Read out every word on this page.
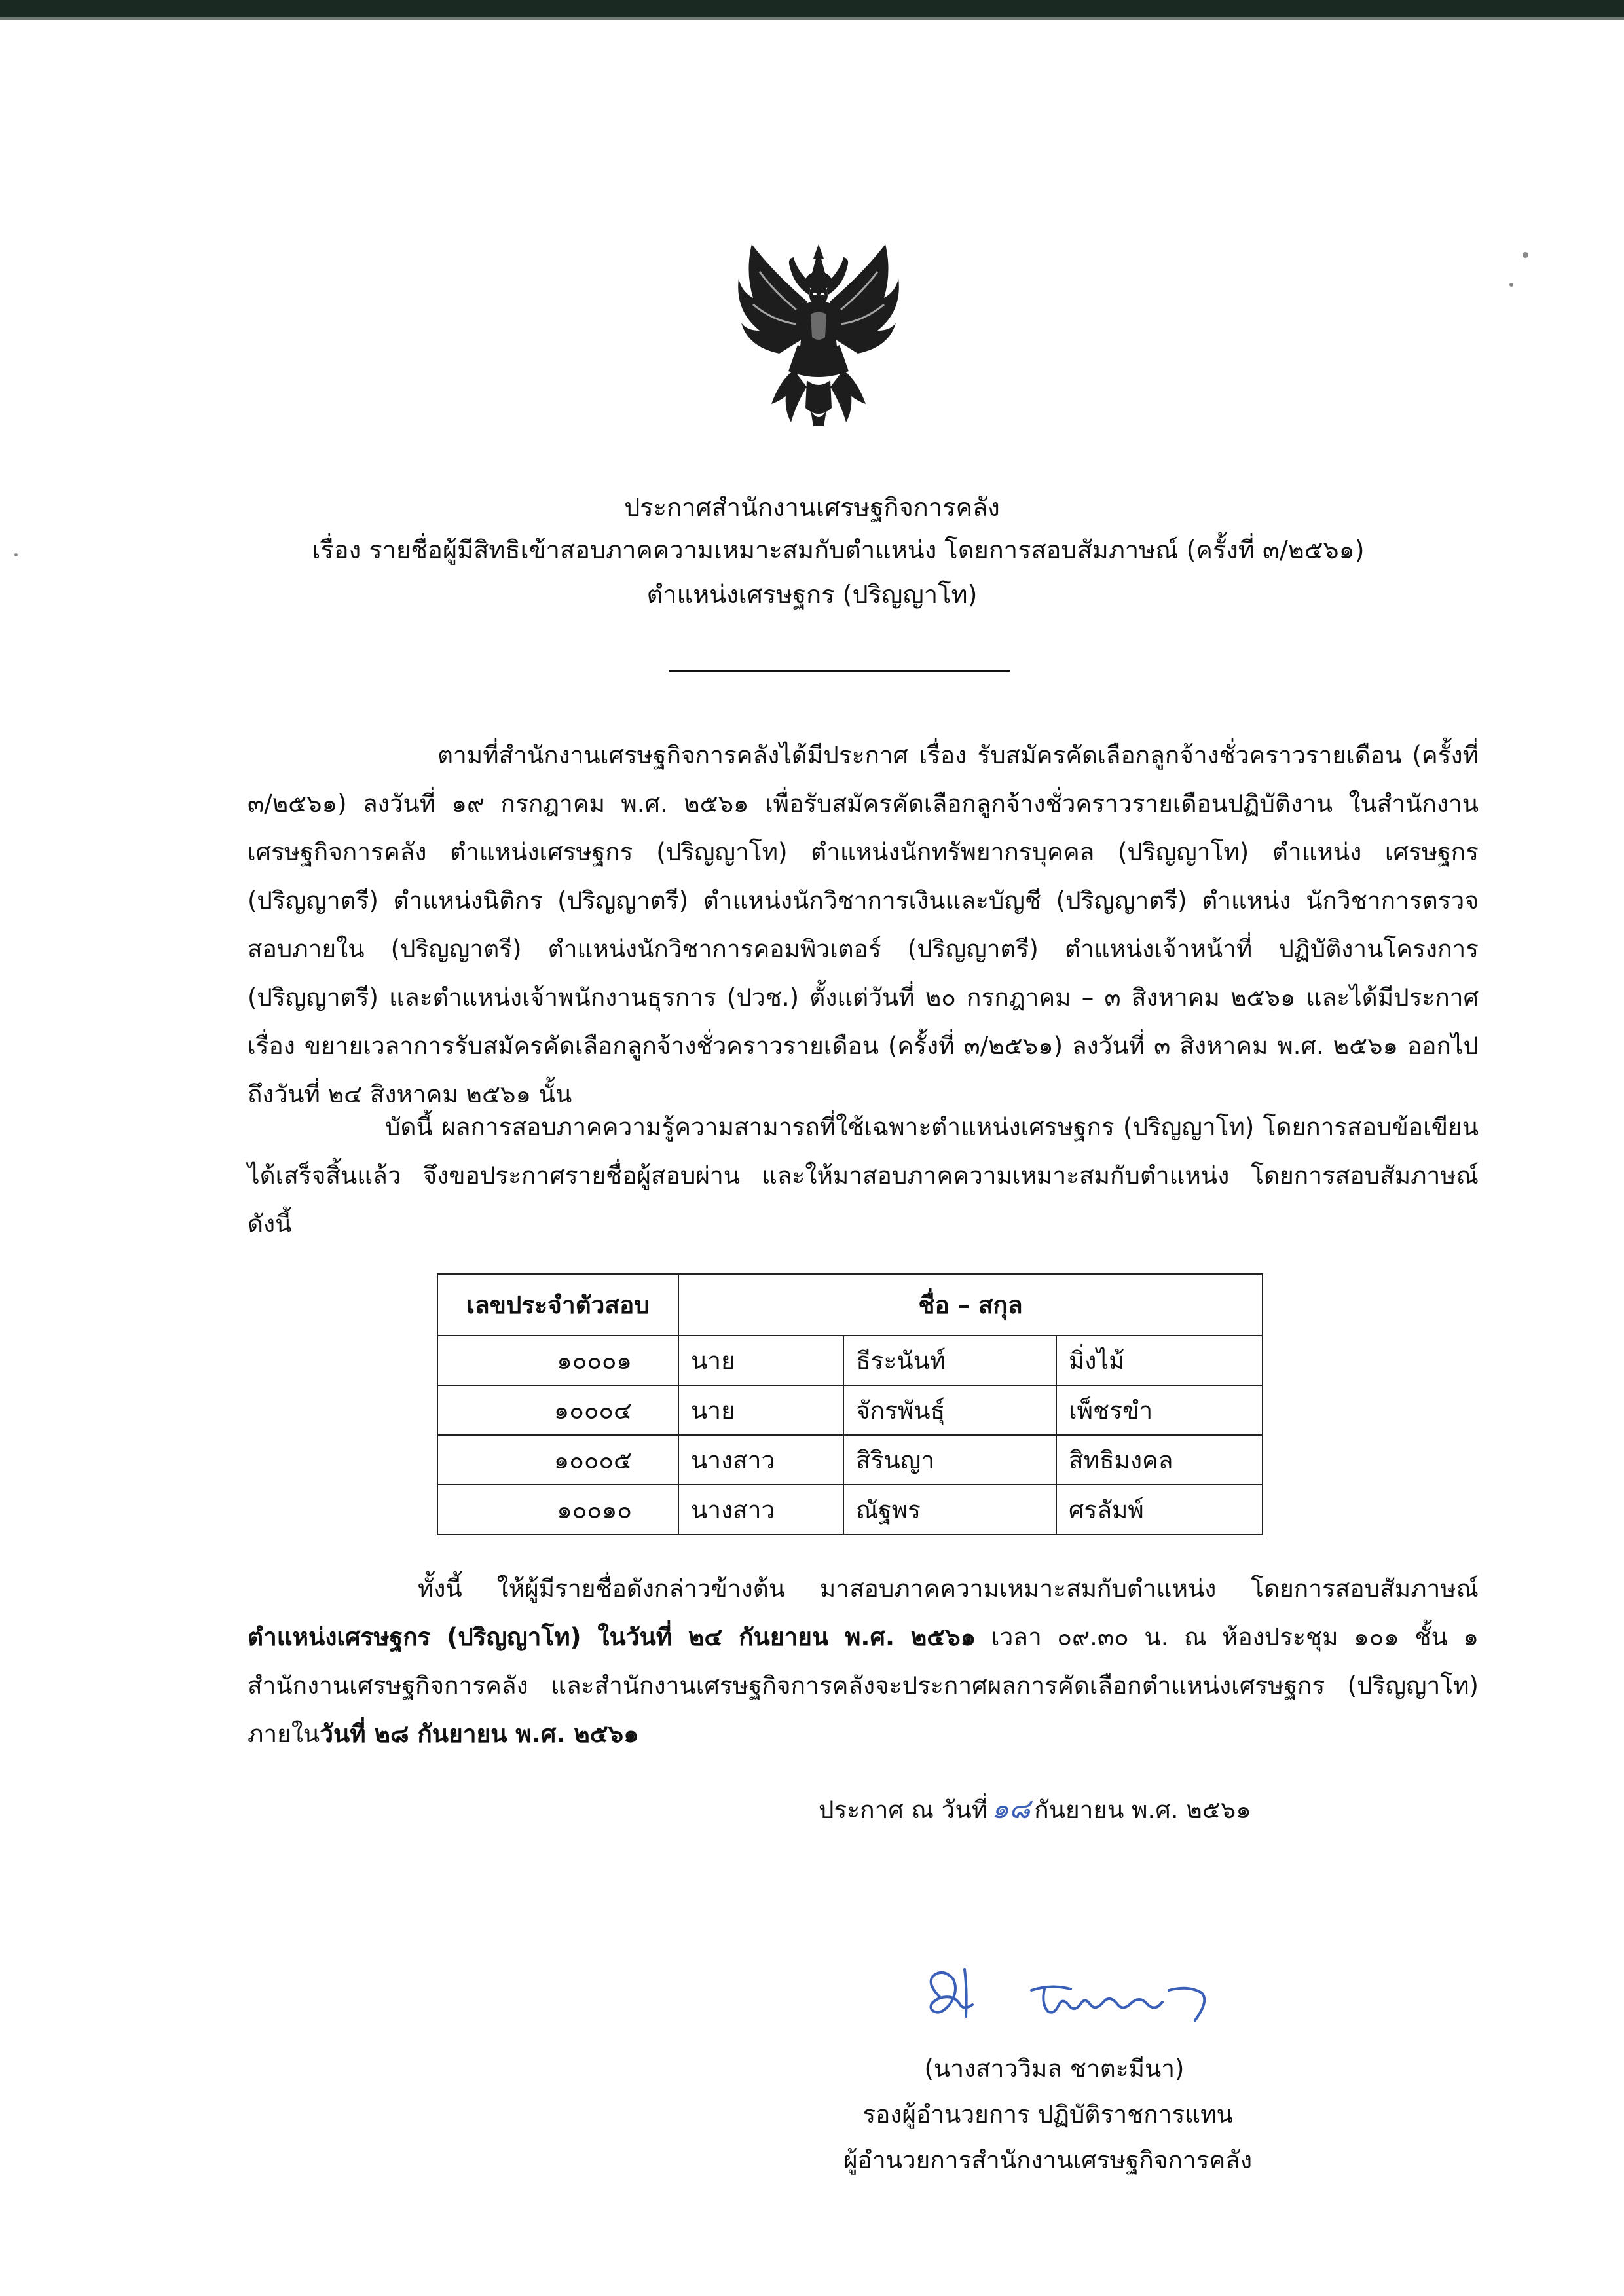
ประกาศสำนักงานเศรษฐกิจการคลัง
เรื่อง รายชื่อผู้มีสิทธิเข้าสอบภาคความเหมาะสมกับตำแหน่ง โดยการสอบสัมภาษณ์ (ครั้งที่ ๓/๒๕๖๑)
ตำแหน่งเศรษฐกร (ปริญญาโท)
ตามที่สำนักงานเศรษฐกิจการคลังได้มีประกาศ เรื่อง รับสมัครคัดเลือกลูกจ้างชั่วคราวรายเดือน (ครั้งที่ ๓/๒๕๖๑) ลงวันที่ ๑๙ กรกฎาคม พ.ศ. ๒๕๖๑ เพื่อรับสมัครคัดเลือกลูกจ้างชั่วคราวรายเดือนปฏิบัติงาน ในสำนักงานเศรษฐกิจการคลัง ตำแหน่งเศรษฐกร (ปริญญาโท) ตำแหน่งนักทรัพยากรบุคคล (ปริญญาโท) ตำแหน่ง เศรษฐกร (ปริญญาตรี) ตำแหน่งนิติกร (ปริญญาตรี) ตำแหน่งนักวิชาการเงินและบัญชี (ปริญญาตรี) ตำแหน่ง นักวิชาการตรวจสอบภายใน (ปริญญาตรี) ตำแหน่งนักวิชาการคอมพิวเตอร์ (ปริญญาตรี) ตำแหน่งเจ้าหน้าที่ ปฏิบัติงานโครงการ (ปริญญาตรี) และตำแหน่งเจ้าพนักงานธุรการ (ปวช.) ตั้งแต่วันที่ ๒๐ กรกฎาคม – ๓ สิงหาคม ๒๕๖๑ และได้มีประกาศ เรื่อง ขยายเวลาการรับสมัครคัดเลือกลูกจ้างชั่วคราวรายเดือน (ครั้งที่ ๓/๒๕๖๑) ลงวันที่ ๓ สิงหาคม พ.ศ. ๒๕๖๑ ออกไปถึงวันที่ ๒๔ สิงหาคม ๒๕๖๑ นั้น
บัดนี้ ผลการสอบภาคความรู้ความสามารถที่ใช้เฉพาะตำแหน่งเศรษฐกร (ปริญญาโท) โดยการสอบข้อเขียนได้เสร็จสิ้นแล้ว จึงขอประกาศรายชื่อผู้สอบผ่าน และให้มาสอบภาคความเหมาะสมกับตำแหน่ง โดยการสอบสัมภาษณ์ ดังนี้
เลขประจำตัวสอบ	ชื่อ – สกุล		
๑๐๐๐๑	นาย	ธีระนันท์	มิ่งไม้
๑๐๐๐๔	นาย	จักรพันธุ์	เพ็ชรขำ
๑๐๐๐๕	นางสาว	สิรินญา	สิทธิมงคล
๑๐๐๑๐	นางสาว	ณัฐพร	ศรลัมพ์
ทั้งนี้ ให้ผู้มีรายชื่อดังกล่าวข้างต้น มาสอบภาคความเหมาะสมกับตำแหน่ง โดยการสอบสัมภาษณ์ ตำแหน่งเศรษฐกร (ปริญญาโท) ในวันที่ ๒๔ กันยายน พ.ศ. ๒๕๖๑ เวลา ๐๙.๓๐ น. ณ ห้องประชุม ๑๐๑ ชั้น ๑ สำนักงานเศรษฐกิจการคลัง และสำนักงานเศรษฐกิจการคลังจะประกาศผลการคัดเลือกตำแหน่งเศรษฐกร (ปริญญาโท) ภายในวันที่ ๒๘ กันยายน พ.ศ. ๒๕๖๑
ประกาศ ณ วันที่ ๑๘ กันยายน พ.ศ. ๒๕๖๑
(นางสาววิมล ชาตะมีนา)
รองผู้อำนวยการ ปฏิบัติราชการแทน
ผู้อำนวยการสำนักงานเศรษฐกิจการคลัง
